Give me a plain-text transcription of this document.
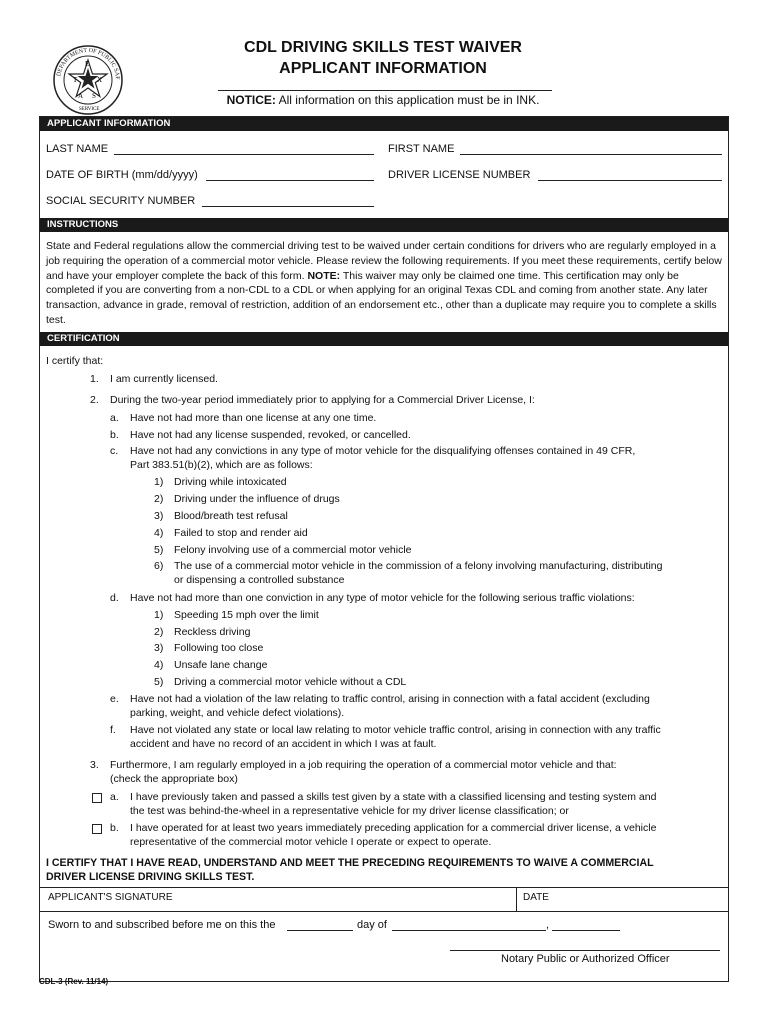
DEPARTMENT OF PUBLIC SAF
T
E
X
A S
SERVICE
CDL DRIVING SKILLS TEST WAIVER
APPLICANT INFORMATION
NOTICE: All information on this application must be in INK.
APPLICANT INFORMATION
LAST NAME	FIRST NAME
DATE OF BIRTH (mm/dd/yyyy)	DRIVER LICENSE NUMBER
SOCIAL SECURITY NUMBER
INSTRUCTIONS
State and Federal regulations allow the commercial driving test to be waived under certain conditions for drivers who are regularly employed in a job requiring the operation of a commercial motor vehicle. Please review the following requirements. If you meet these requirements, certify below and have your employer complete the back of this form. NOTE: This waiver may only be claimed one time. This certification may only be completed if you are converting from a non-CDL to a CDL or when applying for an original Texas CDL and coming from another state. Any later transaction, advance in grade, removal of restriction, addition of an endorsement etc., other than a duplicate may require you to complete a skills test.
CERTIFICATION
I certify that:
1. I am currently licensed.
2. During the two-year period immediately prior to applying for a Commercial Driver License, I:
a. Have not had more than one license at any one time.
b. Have not had any license suspended, revoked, or cancelled.
c. Have not had any convictions in any type of motor vehicle for the disqualifying offenses contained in 49 CFR,
Part 383.51(b)(2), which are as follows:
1) Driving while intoxicated
2) Driving under the influence of drugs
3) Blood/breath test refusal
4) Failed to stop and render aid
5) Felony involving use of a commercial motor vehicle
6) The use of a commercial motor vehicle in the commission of a felony involving manufacturing, distributing
or dispensing a controlled substance
d. Have not had more than one conviction in any type of motor vehicle for the following serious traffic violations:
1) Speeding 15 mph over the limit
2) Reckless driving
3) Following too close
4) Unsafe lane change
5) Driving a commercial motor vehicle without a CDL
e. Have not had a violation of the law relating to traffic control, arising in connection with a fatal accident (excluding
parking, weight, and vehicle defect violations).
f. Have not violated any state or local law relating to motor vehicle traffic control, arising in connection with any traffic
accident and have no record of an accident in which I was at fault.
3. Furthermore, I am regularly employed in a job requiring the operation of a commercial motor vehicle and that:
(check the appropriate box)
a. I have previously taken and passed a skills test given by a state with a classified licensing and testing system and
the test was behind-the-wheel in a representative vehicle for my driver license classification; or
b. I have operated for at least two years immediately preceding application for a commercial driver license, a vehicle
representative of the commercial motor vehicle I operate or expect to operate.
I CERTIFY THAT I HAVE READ, UNDERSTAND AND MEET THE PRECEDING REQUIREMENTS TO WAIVE A COMMERCIAL
DRIVER LICENSE DRIVING SKILLS TEST.
APPLICANT'S SIGNATURE	DATE
Sworn to and subscribed before me on this the	day of	,
Notary Public or Authorized Officer
CDL-3 (Rev. 11/14)
